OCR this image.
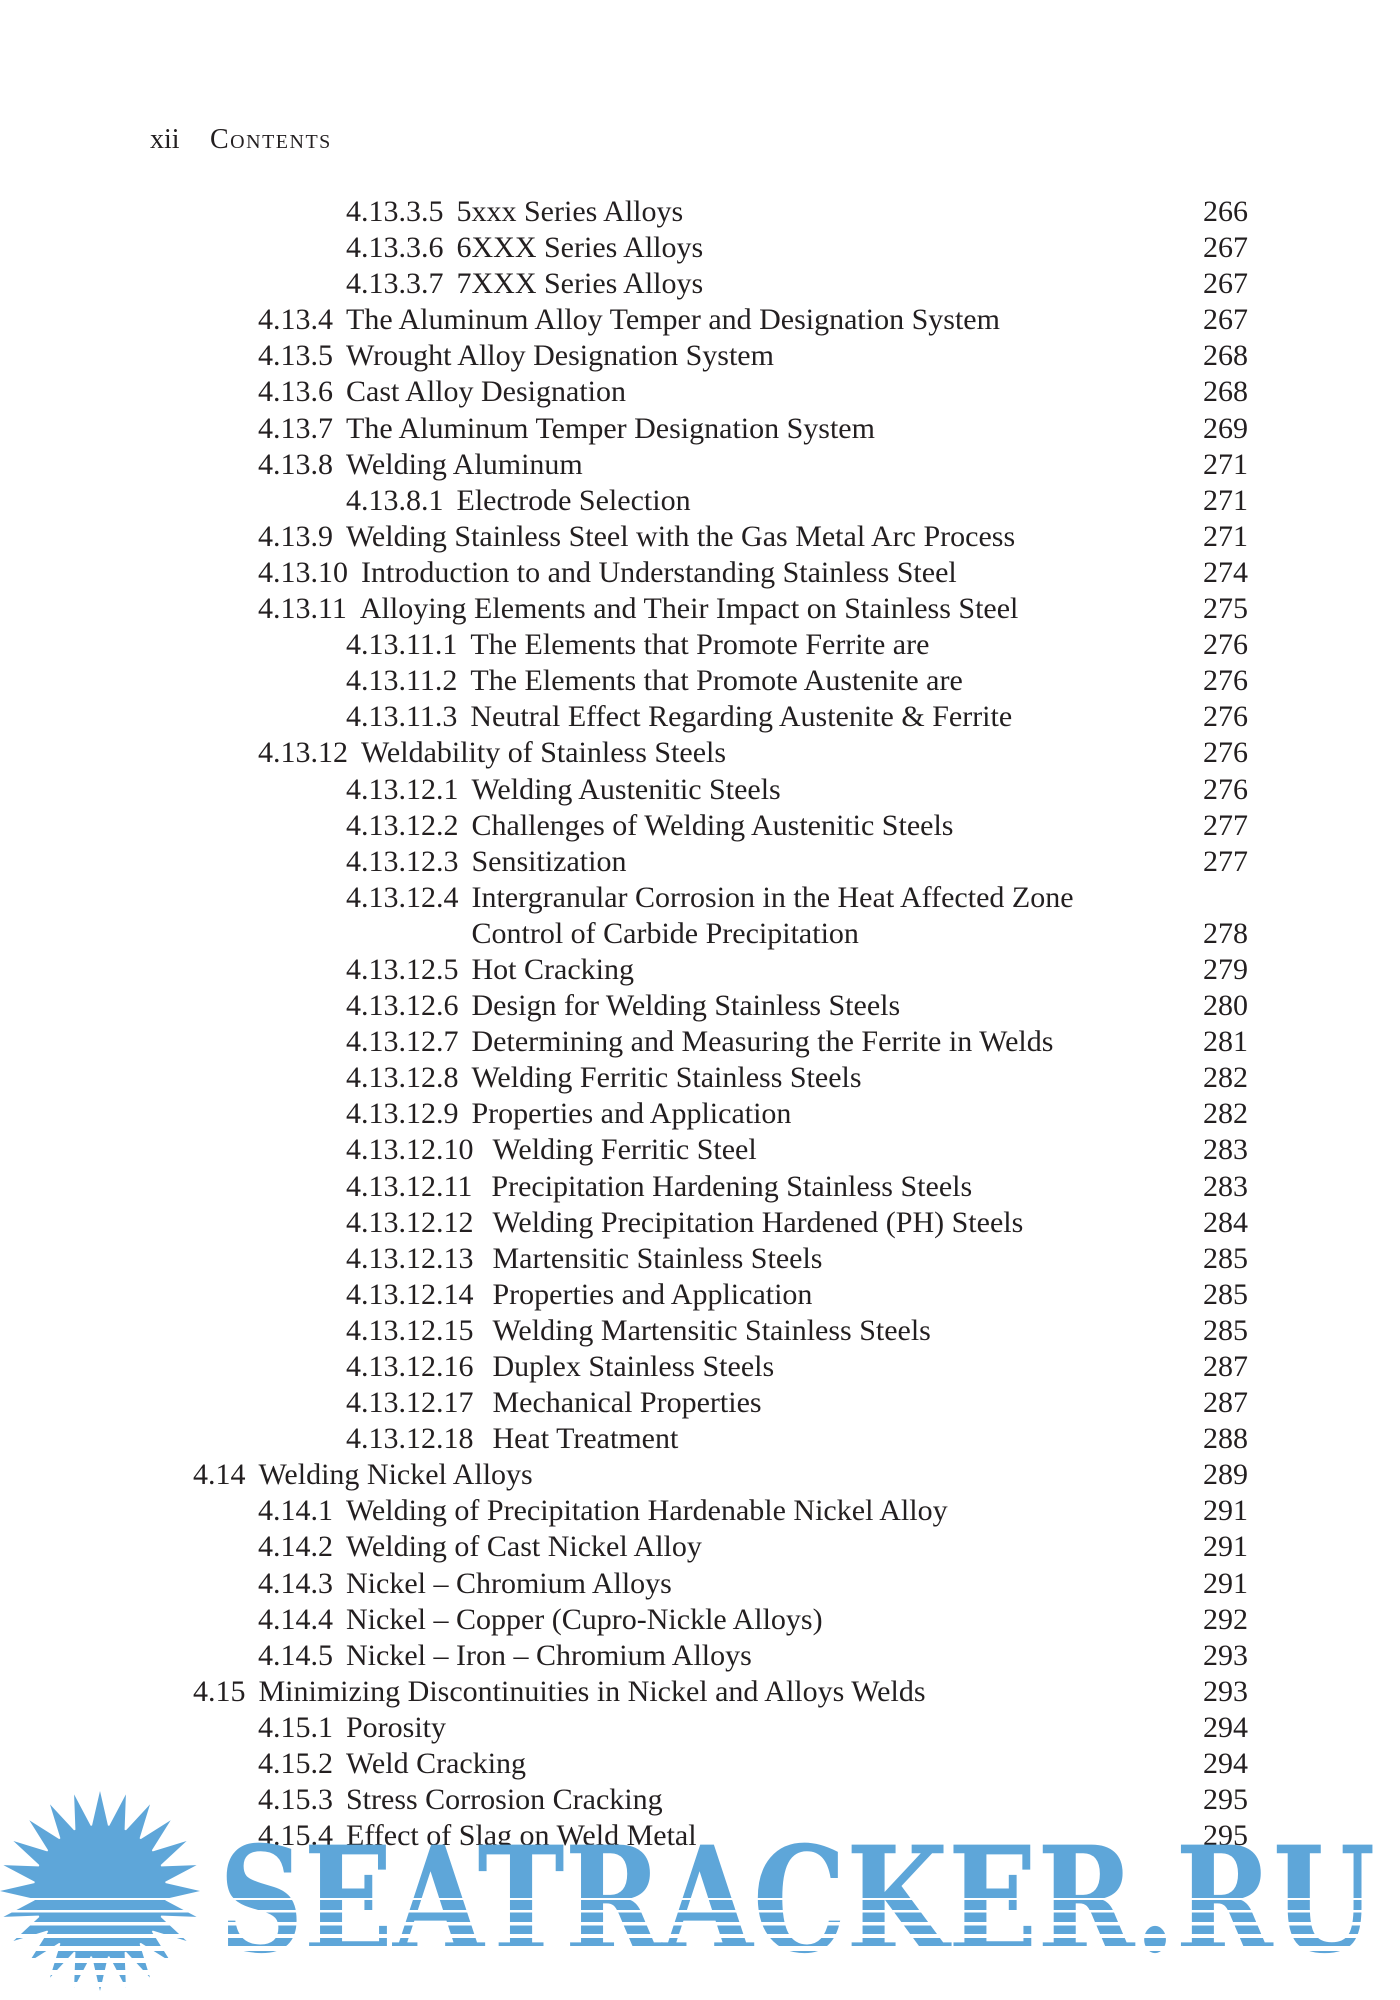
xii Contents
4.13.3.5 5xxx Series Alloys	266
4.13.3.6 6XXX Series Alloys	267
4.13.3.7 7XXX Series Alloys	267
4.13.4 The Aluminum Alloy Temper and Designation System	267
4.13.5 Wrought Alloy Designation System	268
4.13.6 Cast Alloy Designation	268
4.13.7 The Aluminum Temper Designation System	269
4.13.8 Welding Aluminum	271
4.13.8.1 Electrode Selection	271
4.13.9 Welding Stainless Steel with the Gas Metal Arc Process	271
4.13.10 Introduction to and Understanding Stainless Steel	274
4.13.11 Alloying Elements and Their Impact on Stainless Steel	275
4.13.11.1 The Elements that Promote Ferrite are	276
4.13.11.2 The Elements that Promote Austenite are	276
4.13.11.3 Neutral Effect Regarding Austenite & Ferrite	276
4.13.12 Weldability of Stainless Steels	276
4.13.12.1 Welding Austenitic Steels	276
4.13.12.2 Challenges of Welding Austenitic Steels	277
4.13.12.3 Sensitization	277
4.13.12.4 Intergranular Corrosion in the Heat Affected Zone
Control of Carbide Precipitation	278
4.13.12.5 Hot Cracking	279
4.13.12.6 Design for Welding Stainless Steels	280
4.13.12.7 Determining and Measuring the Ferrite in Welds	281
4.13.12.8 Welding Ferritic Stainless Steels	282
4.13.12.9 Properties and Application	282
4.13.12.10 Welding Ferritic Steel	283
4.13.12.11 Precipitation Hardening Stainless Steels	283
4.13.12.12 Welding Precipitation Hardened (PH) Steels	284
4.13.12.13 Martensitic Stainless Steels	285
4.13.12.14 Properties and Application	285
4.13.12.15 Welding Martensitic Stainless Steels	285
4.13.12.16 Duplex Stainless Steels	287
4.13.12.17 Mechanical Properties	287
4.13.12.18 Heat Treatment	288
4.14 Welding Nickel Alloys	289
4.14.1 Welding of Precipitation Hardenable Nickel Alloy	291
4.14.2 Welding of Cast Nickel Alloy	291
4.14.3 Nickel – Chromium Alloys	291
4.14.4 Nickel – Copper (Cupro-Nickle Alloys)	292
4.14.5 Nickel – Iron – Chromium Alloys	293
4.15 Minimizing Discontinuities in Nickel and Alloys Welds	293
4.15.1 Porosity	294
4.15.2 Weld Cracking	294
4.15.3 Stress Corrosion Cracking	295
4.15.4 Effect of Slag on Weld Metal	295
SEATRACKER.RU
